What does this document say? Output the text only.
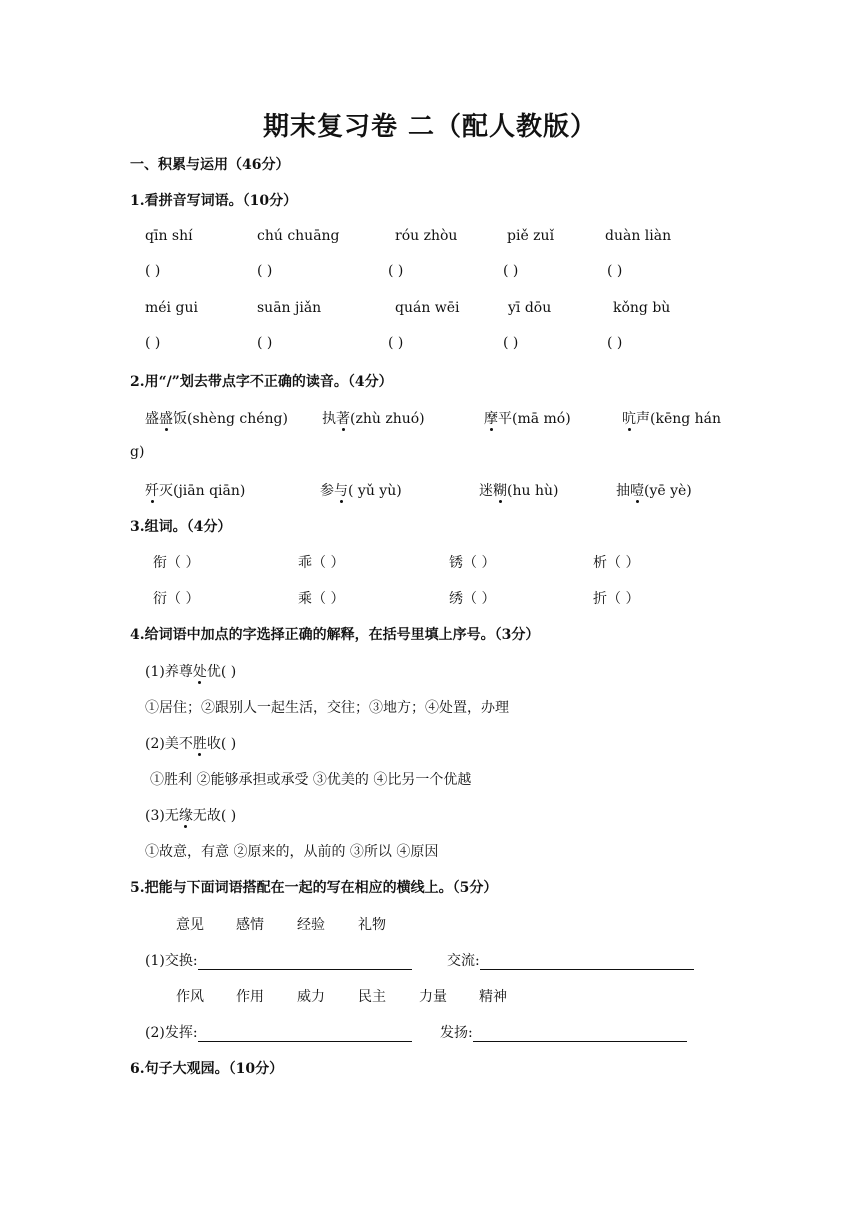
期末复习卷 二（配人教版）
一、积累与运用（46分）
1.看拼音写词语。（10分）
qīn shí	chú chuāng	róu zhòu	piě zuǐ	duàn liàn
( )	( )	( )	( )	( )
méi gui	suān jiǎn	quán wēi	yī dōu	kǒng bù
( )	( )	( )	( )	( )
2.用“/”划去带点字不正确的读音。（4分）
盛盛饭(shèng chéng) 执著(zhù zhuó)	摩平(mā mó)	吭声(kēng hán
g)
歼灭(jiān qiān)	参与( yǔ yù)	迷糊(hu hù)	抽噎(yē yè)
3.组词。（4分）
衔（ ）	乖（ ）	锈（ ）	析（ ）
衍（ ）	乘（ ）	绣（ ）	折（ ）
4.给词语中加点的字选择正确的解释，在括号里填上序号。（3分）
(1)养尊处优( )
①居住；②跟别人一起生活，交往；③地方；④处置，办理
(2)美不胜收( )
①胜利 ②能够承担或承受 ③优美的 ④比另一个优越
(3)无缘无故( )
①故意，有意 ②原来的，从前的 ③所以 ④原因
5.把能与下面词语搭配在一起的写在相应的横线上。（5分）
意见 感情 经验 礼物
(1)交换:	交流:
作风 作用 威力 民主 力量 精神
(2)发挥:	发扬:
6.句子大观园。（10分）
